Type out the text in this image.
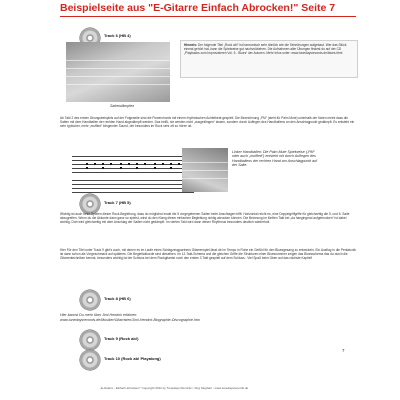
Beispielseite aus "E-Gitarre Einfach Abrocken!" Seite 7
Track 6 (HB 4)
Saitendämpfen
Hinweis: Der folgende Titel „Rock ab!“ ist harmonisch sehr ähnlich wie die Sehrübungen aufgebaut. Wer das Stück einmal gehört hat, kann die Spielweise gut nachvollziehen. Die Aufnahmen aller Übungen findest du auf der CD „Playbacks zum Improvisieren Vol. 5 - Blues“ der Autoren. Mehr Infos unter: www.tunedaysrecords.de/blues.html
Ab Takt 2 des ersten Übungsbeispiels auf der Folgeseite sind die Powerchords mit einem rhythmischen Achtelbeat gespielt. Die Bezeichnung „PM“ (steht für Palm Mute) unterhalb der Noten meint dass die Saiten mit dem Handballen der rechten Hand abgedämpft werden. Das heißt, sie werden nicht „ausgeklingen“ lassen, sondern durch Auflegen des Handballens an den Anschlagpunkt gedämpft. Es entsteht ein sehr typischer, mehr „muffled“ klingender Sound, der besonders im Rock sehr oft zu hören ist.
Linker Handballen: Die Palm Mute Spielweise („PM“ oder auch „muffled“) entsteht mit durch Auflegen des Handballens der rechten Hand am Anschlagpunkt auf der Saite.
Track 7 (HB 5)
Wichtig ist auch beim Spielen dieser Rock-Begleitung, dass du möglichst exakt die 5 vorgegebenen Saiten beim Anschlagen trifft. Horizontal reicht es, eine Doppelgriffgriffe für gleichzeitig die 5. und 6. Saite abzugreifen. Wenn du die Akkorde dann ganz so spielst, wirst du den Klang dieser einfachen Begleitung richtig abrocken können. Die Betonung im fünften Takt bei „da hangingend aufgebrocken“ ist dabei wichtig. Dort wird gleichzeitig mit dem Anschlag der Saiten nicht gedämpft. Im vierten Takt wird dann dieser Rhythmus besonders deutlich wiederholt.
Hier Für den Titel unter Track 9 gibt's auch, mit denen es im Laufe eines Schlagzeugpartners Gitarrenspiel lässt dir im Tempo in Ruhe ein Gefühl für den Bluesgesang zu entwickeln. Ein Ausflug in die Pentatonik ist dann schon als Vorgeschmack auf späteres. Die Begleitakkorde sind dieselben. Im 12-Takt-Schema und die gleichen Griffe die Strukturen einer Bluesnummer zeigen das Bluesschema das du durch die Gitarrentechniken kennst, besonders wichtig ist der Schluss bei dem Rockgitarrist noch den ersten 3 Takt gespielt auf dem Schluss.. Viel Spaß beim Üben auf das nächste Kapitel!
Track 8 (HB 6)
Hier kannst Du mehr über Jimi Hendrix erfahren:
www.tunedaysrecords.de/Musiker/Gitarristen/Jimi-Hendrix-Biographie-Discographie.htm
Track 9 (Rock ab!)
Track 10 (Rock ab! Playalong)
7
„E-Gitarre - Einfach abrocken!“ Copyright 2011 by Tunedays Records / Jörg Sieghart - www.tunedaysrecords.de
